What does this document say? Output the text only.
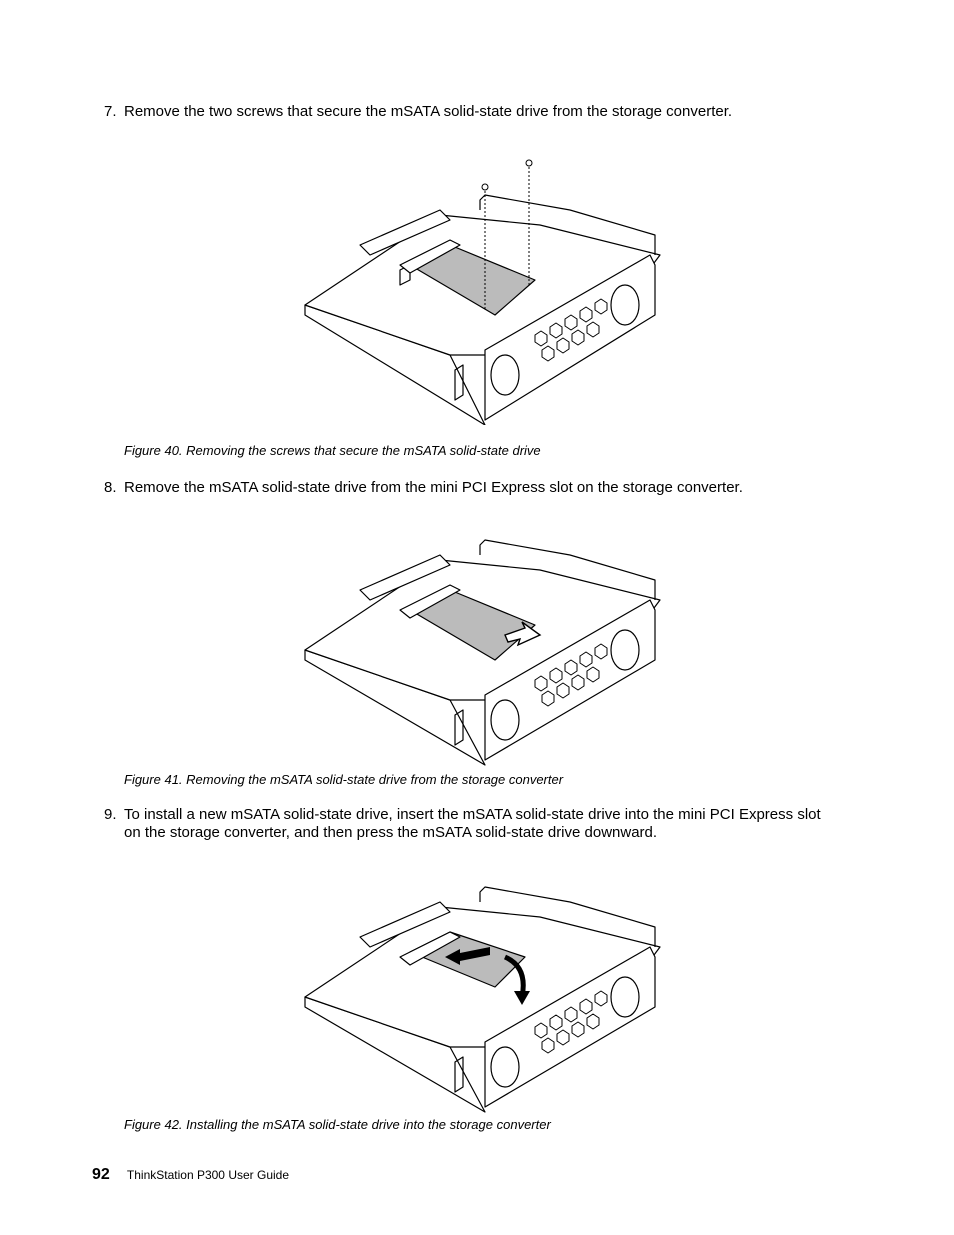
7. Remove the two screws that secure the mSATA solid-state drive from the storage converter.
Figure 40. Removing the screws that secure the mSATA solid-state drive
8. Remove the mSATA solid-state drive from the mini PCI Express slot on the storage converter.
Figure 41. Removing the mSATA solid-state drive from the storage converter
9. To install a new mSATA solid-state drive, insert the mSATA solid-state drive into the mini PCI Express slot on the storage converter, and then press the mSATA solid-state drive downward.
Figure 42. Installing the mSATA solid-state drive into the storage converter
92 ThinkStation P300 User Guide
